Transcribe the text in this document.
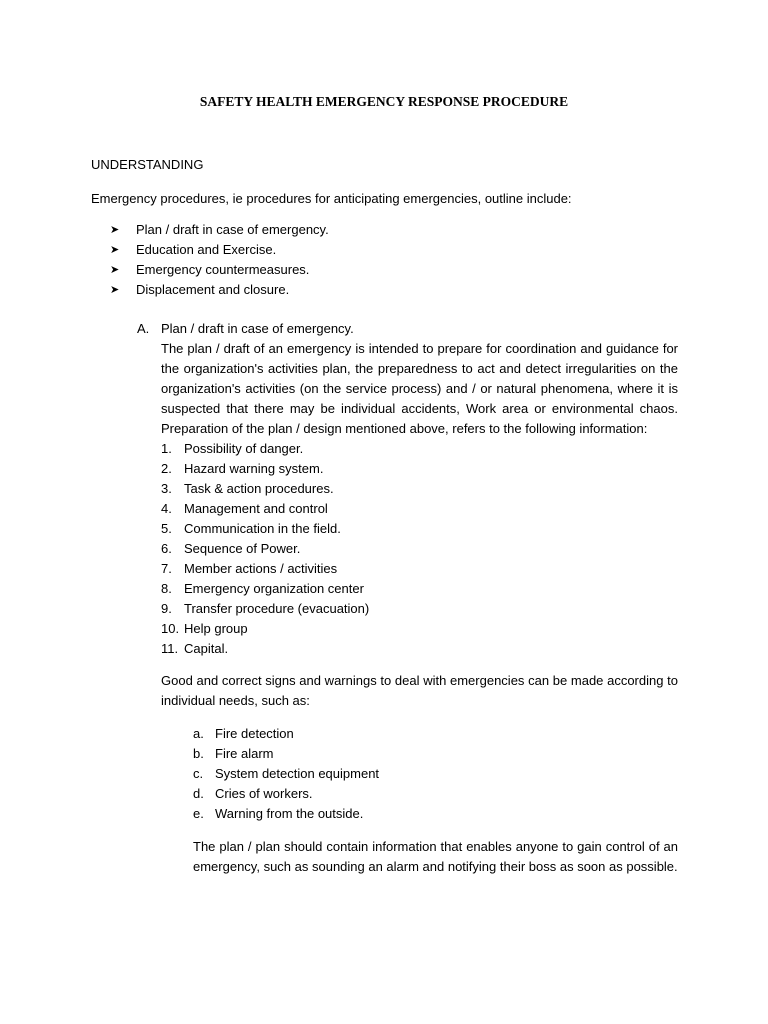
SAFETY HEALTH EMERGENCY RESPONSE PROCEDURE
UNDERSTANDING
Emergency procedures, ie procedures for anticipating emergencies, outline include:
➤ Plan / draft in case of emergency.
➤ Education and Exercise.
➤ Emergency countermeasures.
➤ Displacement and closure.
A. Plan / draft in case of emergency.

The plan / draft of an emergency is intended to prepare for coordination and guidance for the organization's activities plan, the preparedness to act and detect irregularities on the organization's activities (on the service process) and / or natural phenomena, where it is suspected that there may be individual accidents, Work area or environmental chaos. Preparation of the plan / design mentioned above, refers to the following information:

1. Possibility of danger.
2. Hazard warning system.
3. Task & action procedures.
4. Management and control
5. Communication in the field.
6. Sequence of Power.
7. Member actions / activities
8. Emergency organization center
9. Transfer procedure (evacuation)
10. Help group
11. Capital.

Good and correct signs and warnings to deal with emergencies can be made according to individual needs, such as:

a. Fire detection
b. Fire alarm
c. System detection equipment
d. Cries of workers.
e. Warning from the outside.

The plan / plan should contain information that enables anyone to gain control of an emergency, such as sounding an alarm and notifying their boss as soon as possible.
